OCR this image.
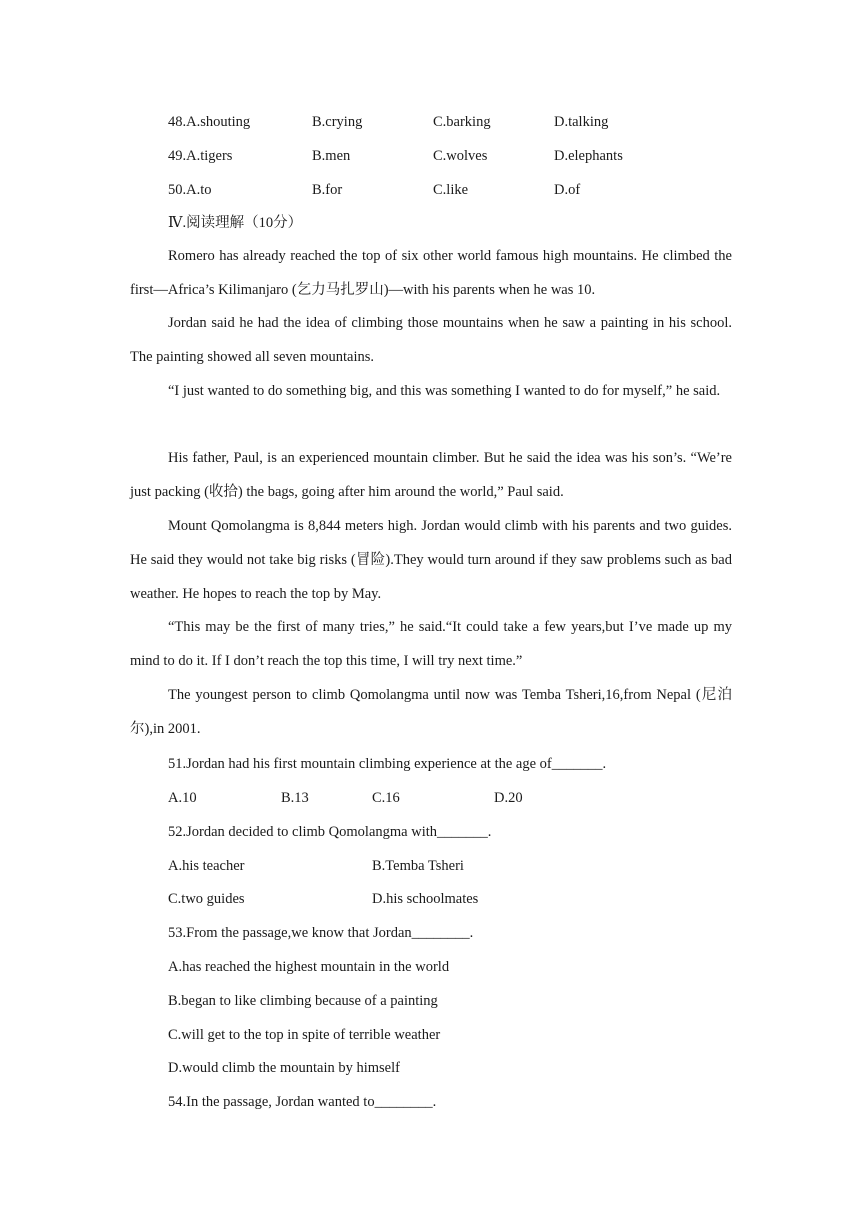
48.A.shouting	B.crying	C.barking	D.talking
49.A.tigers	B.men	C.wolves	D.elephants
50.A.to	B.for	C.like	D.of
Ⅳ.阅读理解（10分）
Romero has already reached the top of six other world famous high mountains. He climbed the first—Africa’s Kilimanjaro (乞力马扎罗山)—with his parents when he was 10.
Jordan said he had the idea of climbing those mountains when he saw a painting in his school. The painting showed all seven mountains.
“I just wanted to do something big, and this was something I wanted to do for myself,” he said.
His father, Paul, is an experienced mountain climber. But he said the idea was his son’s. “We’re just packing (收拾) the bags, going after him around the world,” Paul said.
Mount Qomolangma is 8,844 meters high. Jordan would climb with his parents and two guides. He said they would not take big risks (冒险).They would turn around if they saw problems such as bad weather. He hopes to reach the top by May.
“This may be the first of many tries,” he said.“It could take a few years,but I’ve made up my mind to do it. If I don’t reach the top this time, I will try next time.”
The youngest person to climb Qomolangma until now was Temba Tsheri,16,from Nepal (尼泊尔),in 2001.
51.Jordan had his first mountain climbing experience at the age of_______.
A.10	B.13	C.16	D.20
52.Jordan decided to climb Qomolangma with_______.
A.his teacher	B.Temba Tsheri
C.two guides	D.his schoolmates
53.From the passage,we know that Jordan________.
A.has reached the highest mountain in the world
B.began to like climbing because of a painting
C.will get to the top in spite of terrible weather
D.would climb the mountain by himself
54.In the passage, Jordan wanted to________.
